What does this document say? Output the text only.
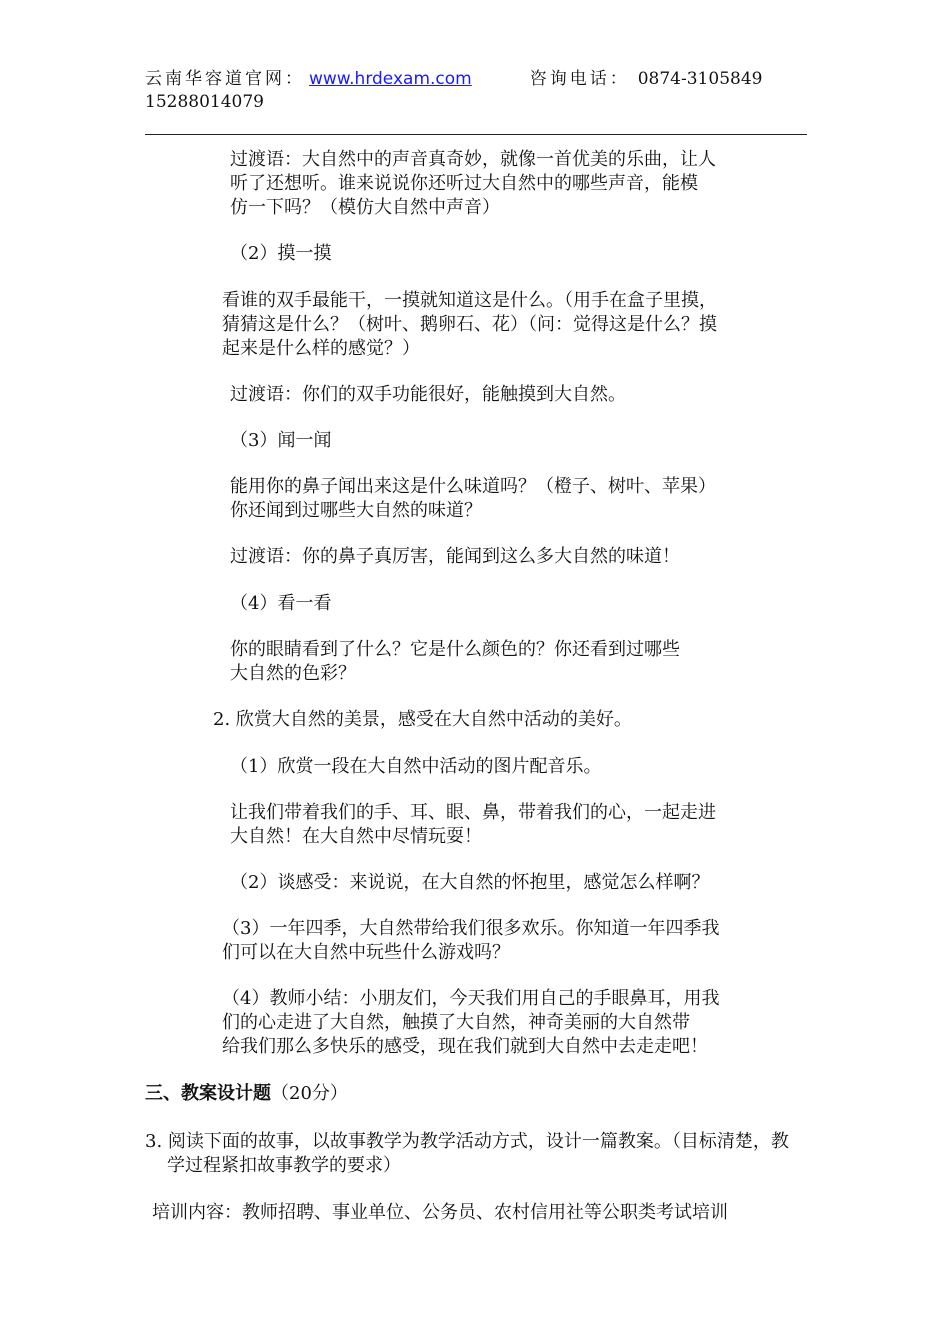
云南华容道官网： www.hrdexam.com	咨询电话： 0874-3105849
15288014079
过渡语：大自然中的声音真奇妙，就像一首优美的乐曲，让人
听了还想听。谁来说说你还听过大自然中的哪些声音，能模
仿一下吗？（模仿大自然中声音）
（2）摸一摸
看谁的双手最能干，一摸就知道这是什么。（用手在盒子里摸，
猜猜这是什么？（树叶、鹅卵石、花）（问：觉得这是什么？摸
起来是什么样的感觉？）
过渡语：你们的双手功能很好，能触摸到大自然。
（3）闻一闻
能用你的鼻子闻出来这是什么味道吗？（橙子、树叶、苹果）
你还闻到过哪些大自然的味道？
过渡语：你的鼻子真厉害，能闻到这么多大自然的味道！
（4）看一看
你的眼睛看到了什么？它是什么颜色的？你还看到过哪些
大自然的色彩？
2. 欣赏大自然的美景，感受在大自然中活动的美好。
（1）欣赏一段在大自然中活动的图片配音乐。
让我们带着我们的手、耳、眼、鼻，带着我们的心，一起走进
大自然！在大自然中尽情玩耍！
（2）谈感受：来说说，在大自然的怀抱里，感觉怎么样啊？
（3）一年四季，大自然带给我们很多欢乐。你知道一年四季我
们可以在大自然中玩些什么游戏吗？
（4）教师小结：小朋友们，今天我们用自己的手眼鼻耳，用我
们的心走进了大自然，触摸了大自然，神奇美丽的大自然带
给我们那么多快乐的感受，现在我们就到大自然中去走走吧！
三、教案设计题（20分）
3. 阅读下面的故事，以故事教学为教学活动方式，设计一篇教案。（目标清楚，教
学过程紧扣故事教学的要求）
培训内容：教师招聘、事业单位、公务员、农村信用社等公职类考试培训
